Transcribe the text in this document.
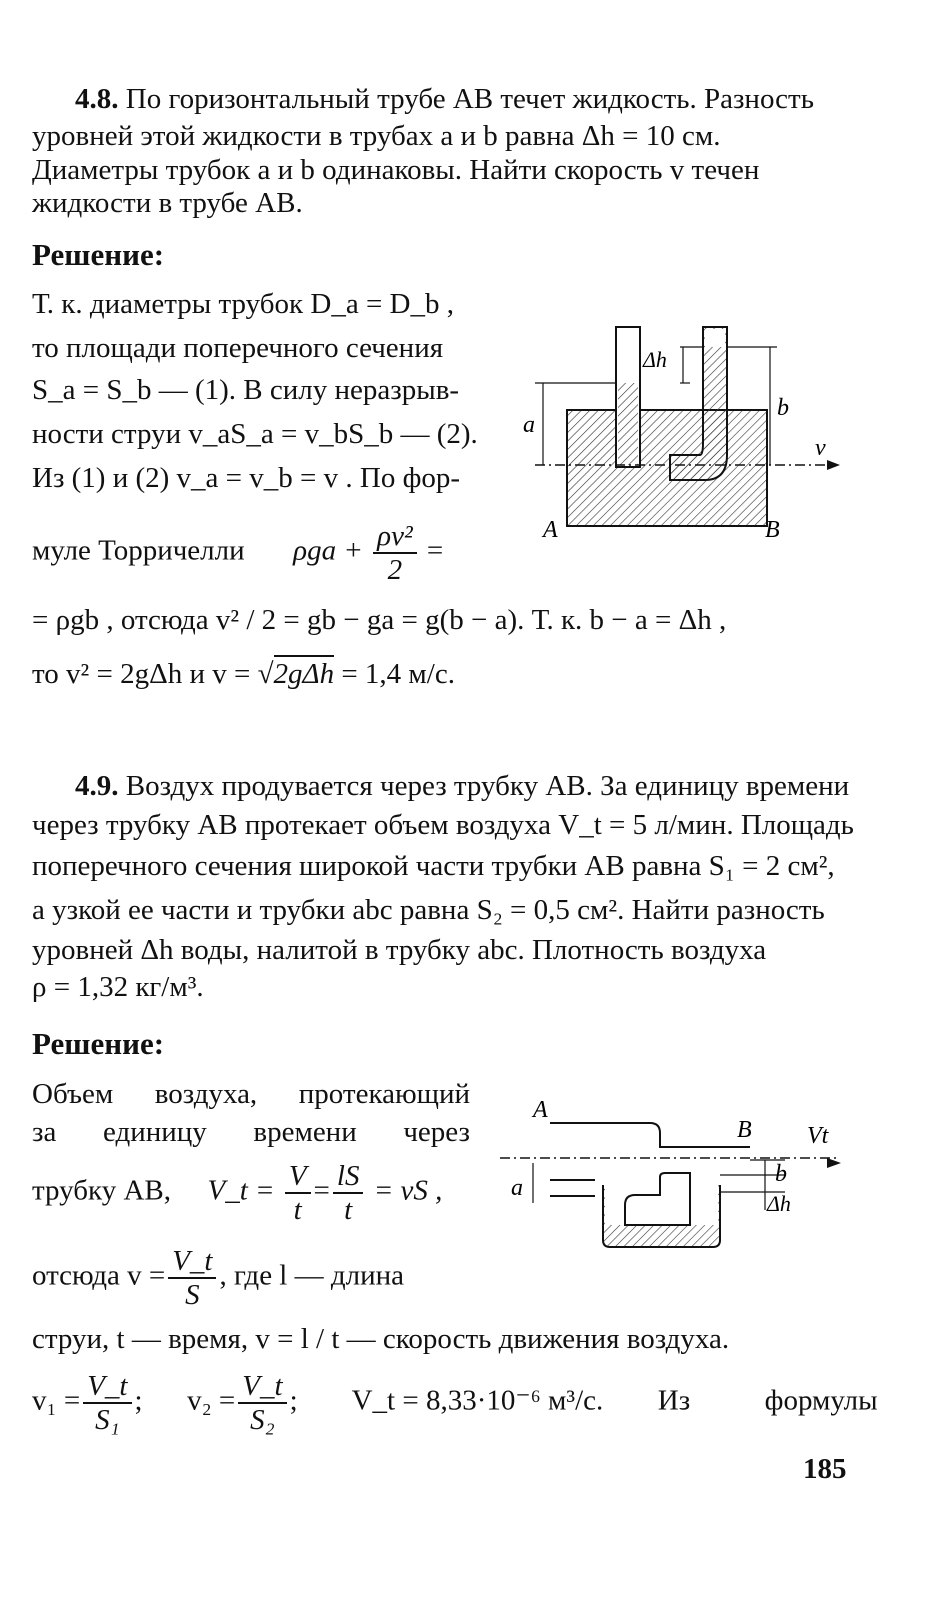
4.8. По горизонтальный трубе АВ течет жидкость. Разность
уровней этой жидкости в трубах a и b равна Δh = 10 см.
Диаметры трубок a и b одинаковы. Найти скорость v течен
жидкости в трубе AB.
Решение:
Т. к. диаметры трубок D_a = D_b ,
то площади поперечного сечения
S_a = S_b — (1). В силу неразрыв-
ности струи v_aS_a = v_bS_b — (2).
Из (1) и (2) v_a = v_b = v . По фор-
муле Торричелли $\rho ga + \frac{\text{ρv²}}{2}$ =
= ρgb , отсюда v² / 2 = gb − ga = g(b − a). Т. к. b − a = Δh ,
то v² = 2gΔh и v = √2gΔh = 1,4 м/с.
a
b
Δh
v
A	B
4.9. Воздух продувается через трубку AB. За единицу времени
через трубку AB протекает объем воздуха V_t = 5 л/мин. Площадь
поперечного сечения широкой части трубки AB равна S₁ = 2 см²,
а узкой ее части и трубки abc равна S₂ = 0,5 см². Найти разность
уровней Δh воды, налитой в трубку abc. Плотность воздуха
ρ = 1,32 кг/м³.
Решение:
Объем воздуха, протекающий
за единицу времени через
трубку AB, V_t = $\frac{V}{t} = \frac{lS}{t}$ = vS ,
отсюда $v = \frac{V\_t}{S}$ , где l — длина
струи, t — время, v = l / t — скорость движения воздуха.
$v_1 = \frac{V\_t}{\text{S₁}}$ ; $v_2 = \frac{V\_t}{\text{S₂}}$ ; V_t = 8,33·10⁻⁶ м³/с. Из	формулы
a
A
B Vt
b
Δh
185
